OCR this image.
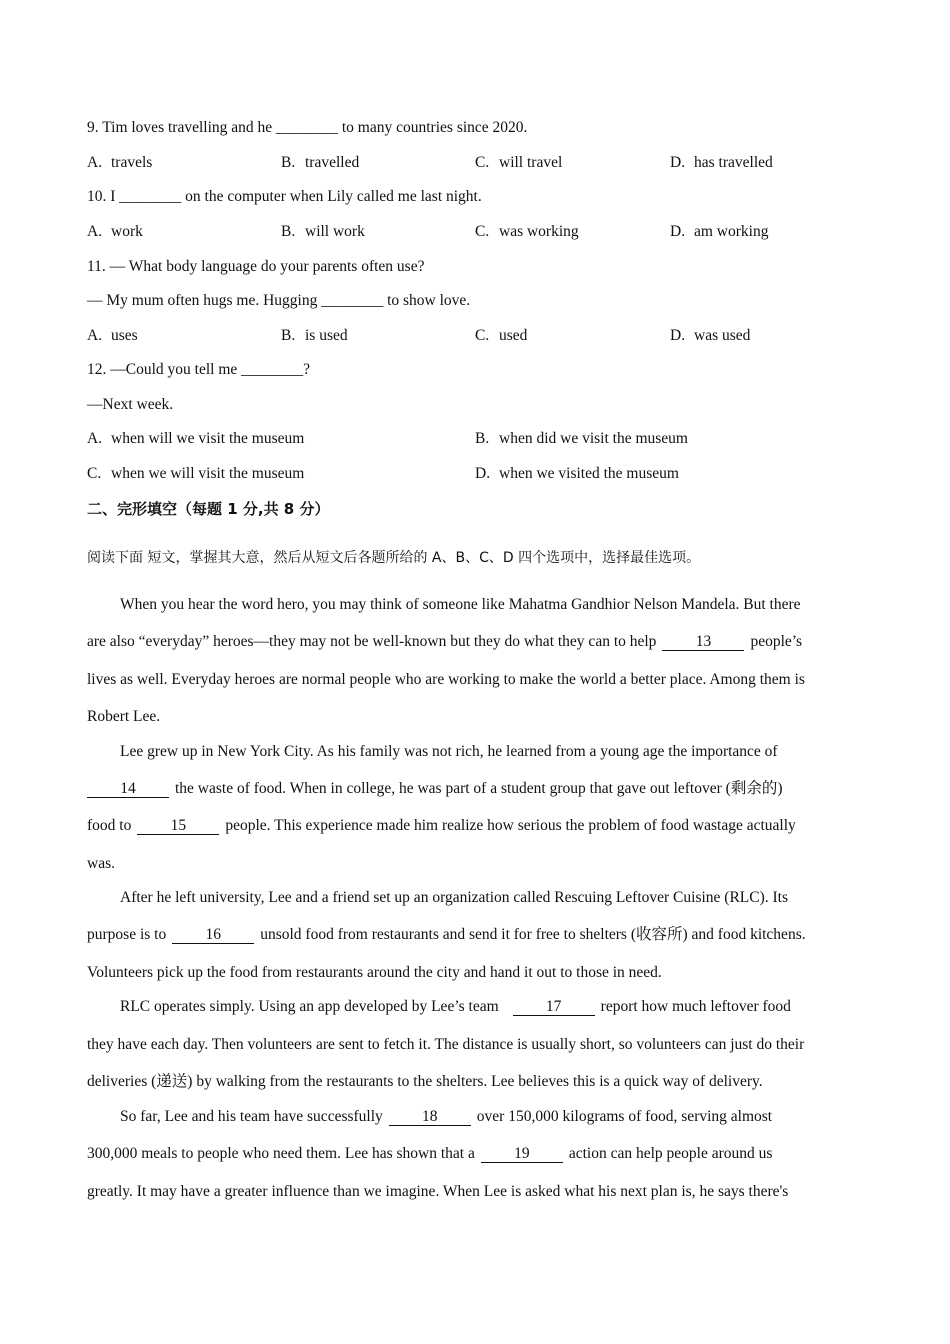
9. Tim loves travelling and he ________ to many countries since 2020.
A. travels	B. travelled	C. will travel	D. has travelled
10. I ________ on the computer when Lily called me last night.
A. work	B. will work	C. was working	D. am working
11. — What body language do your parents often use?
— My mum often hugs me. Hugging ________ to show love.
A. uses	B. is used	C. used	D. was used
12. —Could you tell me ________?
—Next week.
A. when will we visit the museum	B. when did we visit the museum
C. when we will visit the museum	D. when we visited the museum
二、完形填空（每题 1 分,共 8 分）
阅读下面 短文，掌握其大意，然后从短文后各题所给的 A、B、C、D 四个选项中，选择最佳选项。
When you hear the word hero, you may think of someone like Mahatma Gandhior Nelson Mandela. But there
are also “everyday” heroes—they may not be well-known but they do what they can to help	13	people’s
lives as well. Everyday heroes are normal people who are working to make the world a better place. Among them is
Robert Lee.
Lee grew up in New York City. As his family was not rich, he learned from a young age the importance of
14	the waste of food. When in college, he was part of a student group that gave out leftover (剩余的)
food to	15	people. This experience made him realize how serious the problem of food wastage actually
was.
After he left university, Lee and a friend set up an organization called Rescuing Leftover Cuisine (RLC). Its
purpose is to	16	unsold food from restaurants and send it for free to shelters (收容所) and food kitchens.
Volunteers pick up the food from restaurants around the city and hand it out to those in need.
RLC operates simply. Using an app developed by Lee’s team	17	report how much leftover food
they have each day. Then volunteers are sent to fetch it. The distance is usually short, so volunteers can just do their
deliveries (递送) by walking from the restaurants to the shelters. Lee believes this is a quick way of delivery.
So far, Lee and his team have successfully	18	over 150,000 kilograms of food, serving almost
300,000 meals to people who need them. Lee has shown that a	19	action can help people around us
greatly. It may have a greater influence than we imagine. When Lee is asked what his next plan is, he says there's
